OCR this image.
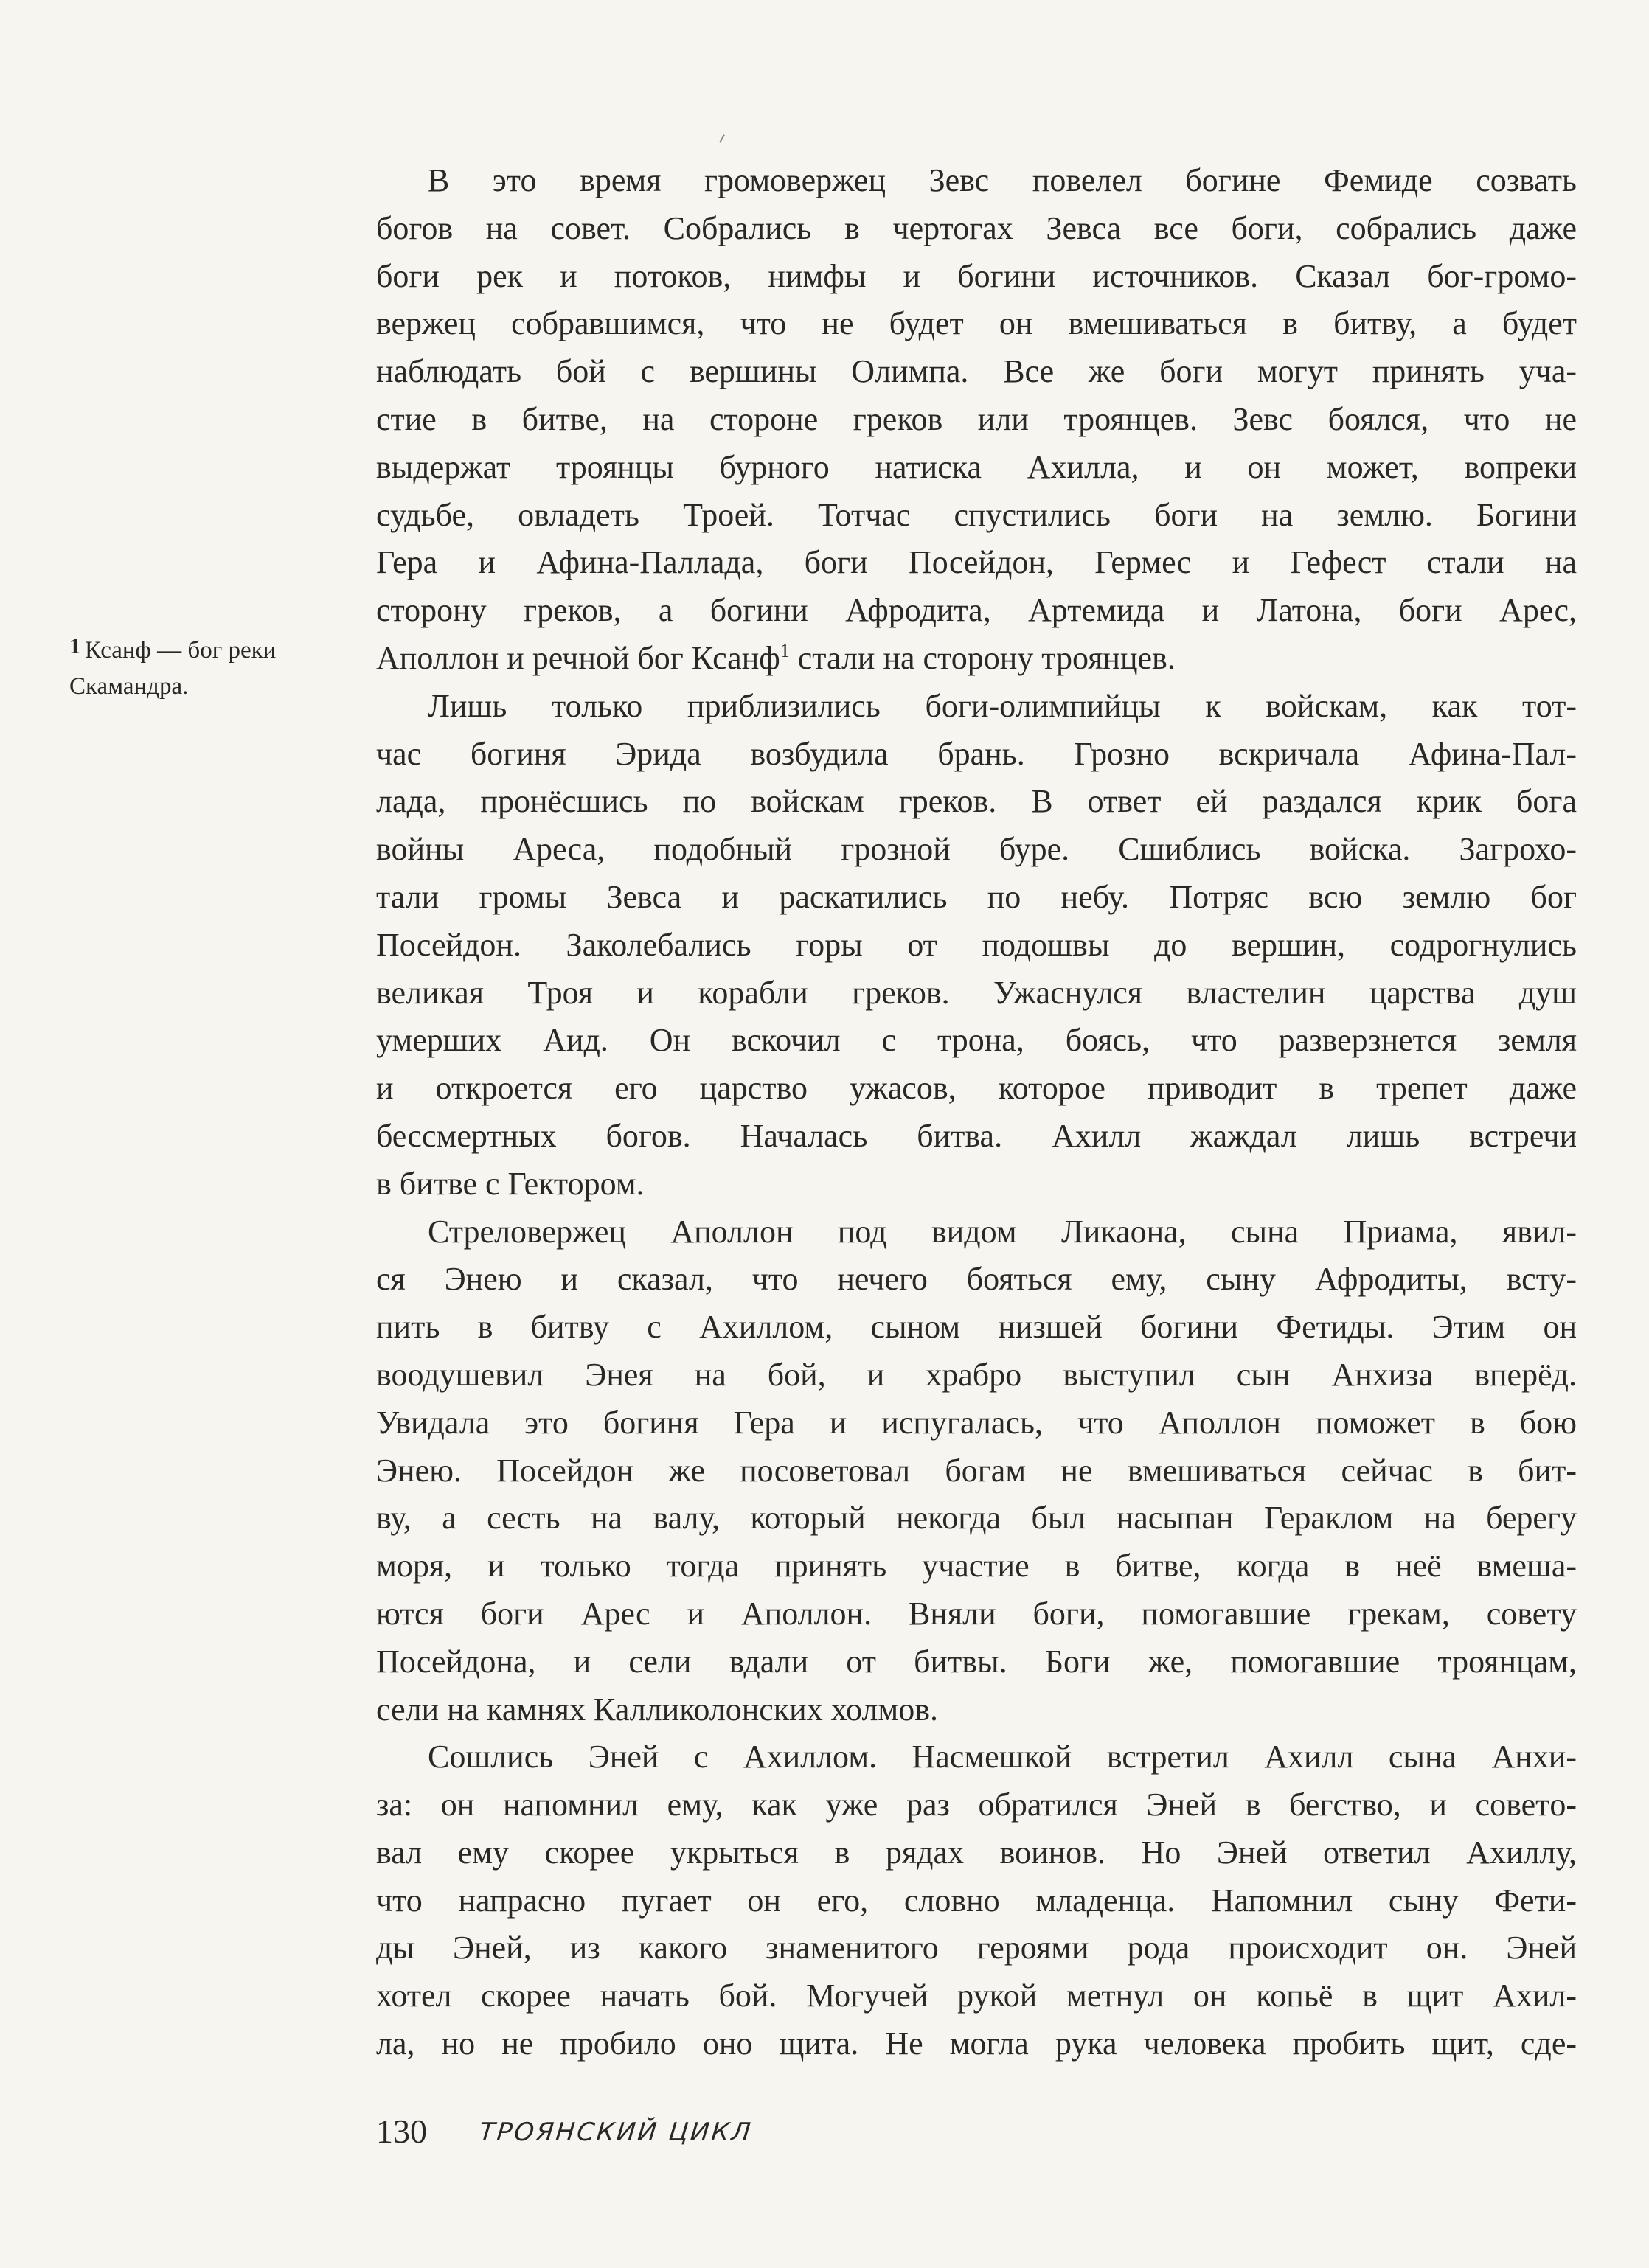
1 Ксанф — бог реки
Скамандра.
В это время громовержец Зевс повелел богине Фемиде созвать
богов на совет. Собрались в чертогах Зевса все боги, собрались даже
боги рек и потоков, нимфы и богини источников. Сказал бог-громо-
вержец собравшимся, что не будет он вмешиваться в битву, а будет
наблюдать бой с вершины Олимпа. Все же боги могут принять уча-
стие в битве, на стороне греков или троянцев. Зевс боялся, что не
выдержат троянцы бурного натиска Ахилла, и он может, вопреки
судьбе, овладеть Троей. Тотчас спустились боги на землю. Богини
Гера и Афина-Паллада, боги Посейдон, Гермес и Гефест стали на
сторону греков, а богини Афродита, Артемида и Латона, боги Арес,
Аполлон и речной бог Ксанф$^1$ стали на сторону троянцев.
Лишь только приблизились боги-олимпийцы к войскам, как тот-
час богиня Эрида возбудила брань. Грозно вскричала Афина-Пал-
лада, пронёсшись по войскам греков. В ответ ей раздался крик бога
войны Ареса, подобный грозной буре. Сшиблись войска. Загрохо-
тали громы Зевса и раскатились по небу. Потряс всю землю бог
Посейдон. Заколебались горы от подошвы до вершин, содрогнулись
великая Троя и корабли греков. Ужаснулся властелин царства душ
умерших Аид. Он вскочил с трона, боясь, что разверзнется земля
и откроется его царство ужасов, которое приводит в трепет даже
бессмертных богов. Началась битва. Ахилл жаждал лишь встречи
в битве с Гектором.
Стреловержец Аполлон под видом Ликаона, сына Приама, явил-
ся Энею и сказал, что нечего бояться ему, сыну Афродиты, всту-
пить в битву с Ахиллом, сыном низшей богини Фетиды. Этим он
воодушевил Энея на бой, и храбро выступил сын Анхиза вперёд.
Увидала это богиня Гера и испугалась, что Аполлон поможет в бою
Энею. Посейдон же посоветовал богам не вмешиваться сейчас в бит-
ву, а сесть на валу, который некогда был насыпан Гераклом на берегу
моря, и только тогда принять участие в битве, когда в неё вмеша-
ются боги Арес и Аполлон. Вняли боги, помогавшие грекам, совету
Посейдона, и сели вдали от битвы. Боги же, помогавшие троянцам,
сели на камнях Калликолонских холмов.
Сошлись Эней с Ахиллом. Насмешкой встретил Ахилл сына Анхи-
за: он напомнил ему, как уже раз обратился Эней в бегство, и советo-
вал ему скорее укрыться в рядах воинов. Но Эней ответил Ахиллу,
что напрасно пугает он его, словно младенца. Напомнил сыну Фети-
ды Эней, из какого знаменитого героями рода происходит он. Эней
хотел скорее начать бой. Могучей рукой метнул он копьё в щит Ахил-
ла, но не пробило оно щита. Не могла рука человека пробить щит, сде-
130 ТРОЯНСКИЙ ЦИКЛ
